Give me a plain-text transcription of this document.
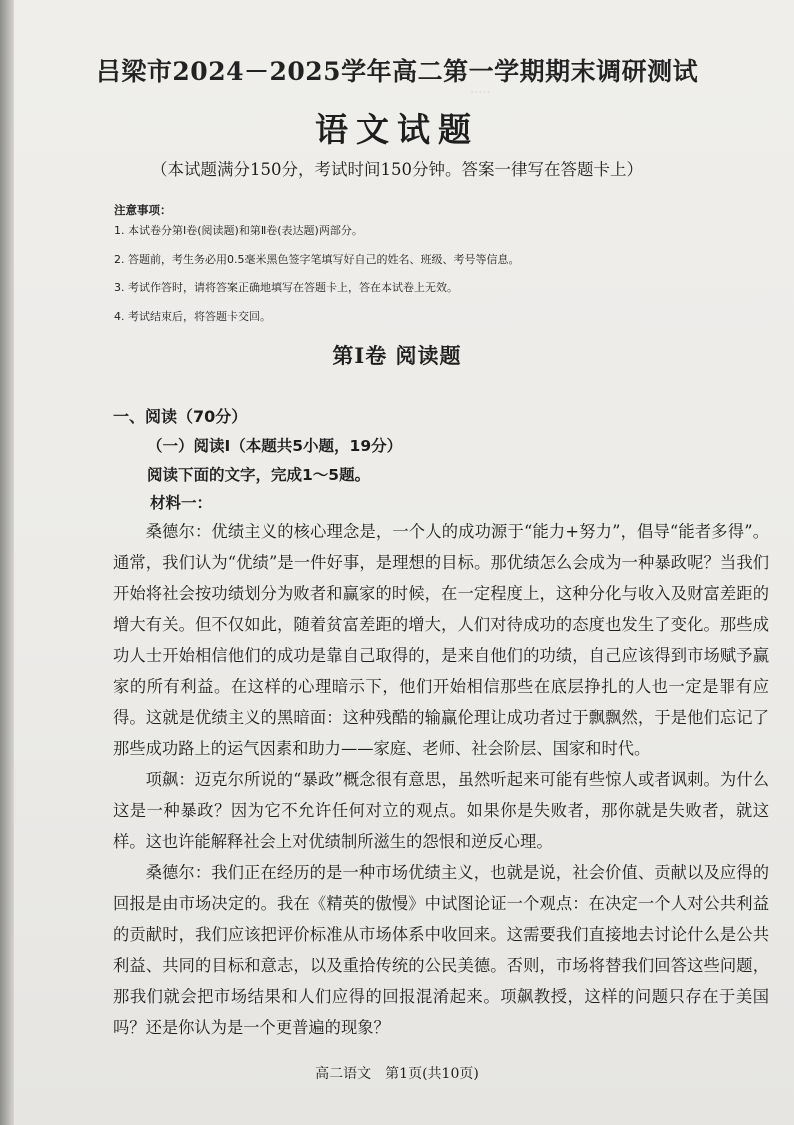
·····
吕梁市2024－2025学年高二第一学期期末调研测试
语文试题
（本试题满分150分，考试时间150分钟。答案一律写在答题卡上）
注意事项：
1. 本试卷分第Ⅰ卷(阅读题)和第Ⅱ卷(表达题)两部分。
2. 答题前，考生务必用0.5毫米黑色签字笔填写好自己的姓名、班级、考号等信息。
3. 考试作答时，请将答案正确地填写在答题卡上，答在本试卷上无效。
4. 考试结束后，将答题卡交回。
第Ⅰ卷 阅读题
一、阅读（70分）
（一）阅读Ⅰ（本题共5小题，19分）
阅读下面的文字，完成1～5题。
材料一：

桑德尔：优绩主义的核心理念是，一个人的成功源于“能力+努力”，倡导“能者多得”。通常，我们认为“优绩”是一件好事，是理想的目标。那优绩怎么会成为一种暴政呢？当我们开始将社会按功绩划分为败者和赢家的时候，在一定程度上，这种分化与收入及财富差距的增大有关。但不仅如此，随着贫富差距的增大，人们对待成功的态度也发生了变化。那些成功人士开始相信他们的成功是靠自己取得的，是来自他们的功绩，自己应该得到市场赋予赢家的所有利益。在这样的心理暗示下，他们开始相信那些在底层挣扎的人也一定是罪有应得。这就是优绩主义的黑暗面：这种残酷的输赢伦理让成功者过于飘飘然，于是他们忘记了那些成功路上的运气因素和助力——家庭、老师、社会阶层、国家和时代。

项飙：迈克尔所说的“暴政”概念很有意思，虽然听起来可能有些惊人或者讽刺。为什么这是一种暴政？因为它不允许任何对立的观点。如果你是失败者，那你就是失败者，就这样。这也许能解释社会上对优绩制所滋生的怨恨和逆反心理。

桑德尔：我们正在经历的是一种市场优绩主义，也就是说，社会价值、贡献以及应得的回报是由市场决定的。我在《精英的傲慢》中试图论证一个观点：在决定一个人对公共利益的贡献时，我们应该把评价标准从市场体系中收回来。这需要我们直接地去讨论什么是公共利益、共同的目标和意志，以及重拾传统的公民美德。否则，市场将替我们回答这些问题，那我们就会把市场结果和人们应得的回报混淆起来。项飙教授，这样的问题只存在于美国吗？还是你认为是一个更普遍的现象？

高二语文　第1页(共10页)
